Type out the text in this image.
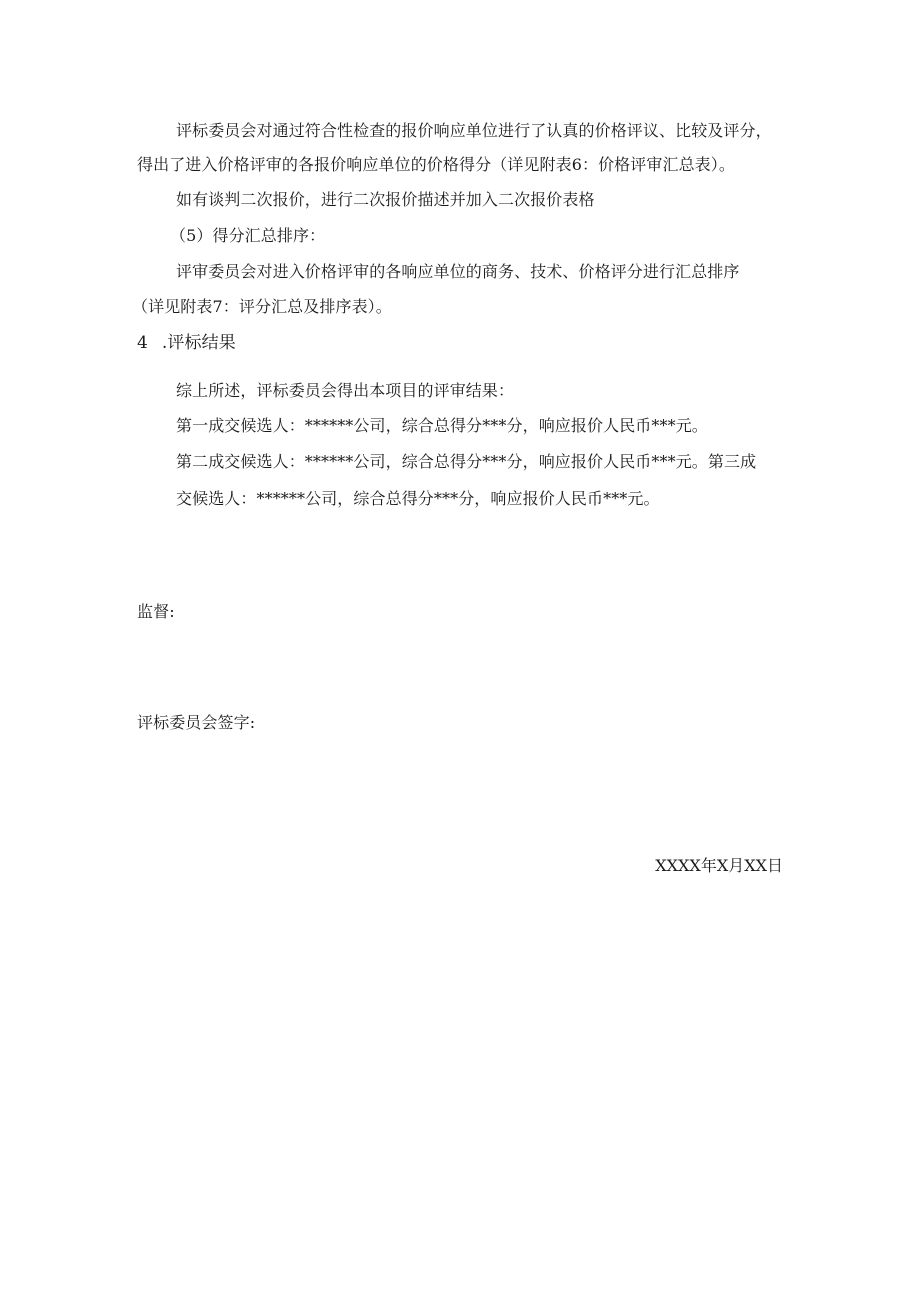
评标委员会对通过符合性检查的报价响应单位进行了认真的价格评议、比较及评分，
得出了进入价格评审的各报价响应单位的价格得分（详见附表6：价格评审汇总表）。
如有谈判二次报价，进行二次报价描述并加入二次报价表格
（5）得分汇总排序：
评审委员会对进入价格评审的各响应单位的商务、技术、价格评分进行汇总排序
（详见附表7：评分汇总及排序表）。
4 .评标结果
综上所述，评标委员会得出本项目的评审结果：
第一成交候选人：******公司，综合总得分***分，响应报价人民币***元。
第二成交候选人：******公司，综合总得分***分，响应报价人民币***元。第三成
交候选人：******公司，综合总得分***分，响应报价人民币***元。
监督:
评标委员会签字:
XXXX年X月XX日
